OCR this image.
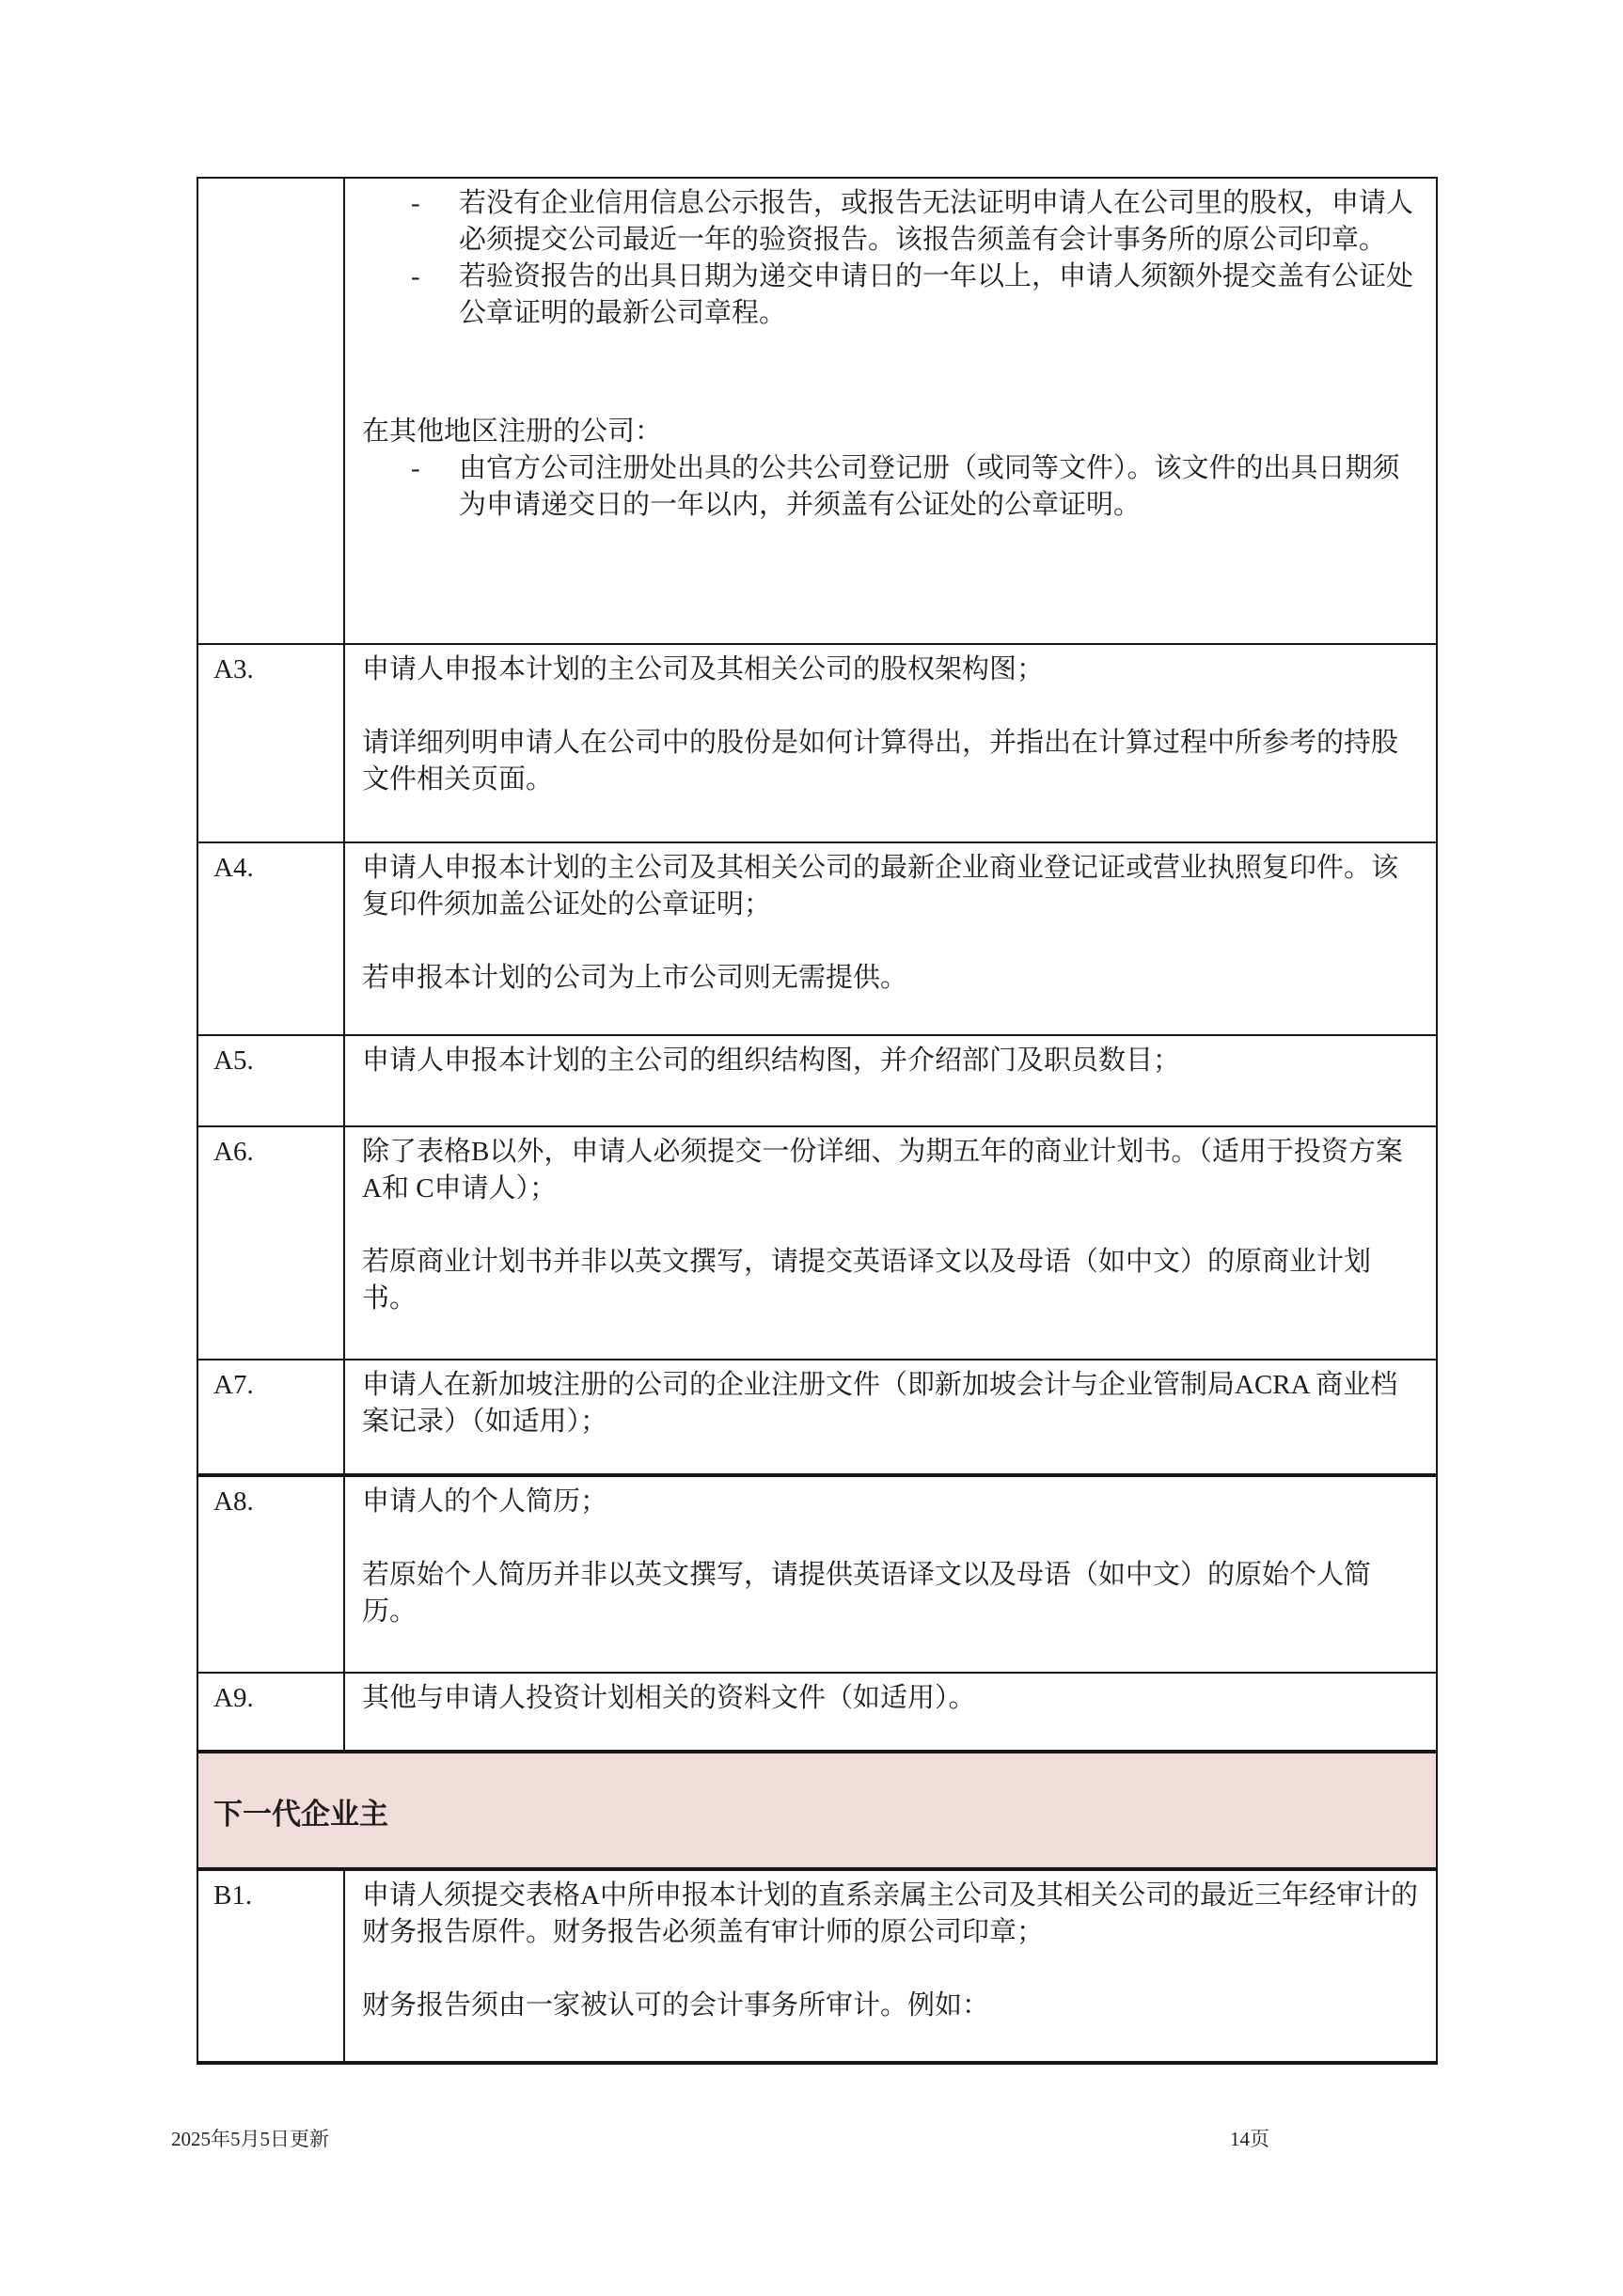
- 若没有企业信用信息公示报告，或报告无法证明申请人在公司里的股权，申请人必须提交公司最近一年的验资报告。该报告须盖有会计事务所的原公司印章。
- 若验资报告的出具日期为递交申请日的一年以上，申请人须额外提交盖有公证处公章证明的最新公司章程。

在其他地区注册的公司：

- 由官方公司注册处出具的公共公司登记册（或同等文件）。该文件的出具日期须为申请递交日的一年以内，并须盖有公证处的公章证明。

A3.	申请人申报本计划的主公司及其相关公司的股权架构图；

请详细列明申请人在公司中的股份是如何计算得出，并指出在计算过程中所参考的持股文件相关页面。

A4.	申请人申报本计划的主公司及其相关公司的最新企业商业登记证或营业执照复印件。该复印件须加盖公证处的公章证明；

若申报本计划的公司为上市公司则无需提供。

A5.	申请人申报本计划的主公司的组织结构图，并介绍部门及职员数目；

A6.	除了表格B以外，申请人必须提交一份详细、为期五年的商业计划书。（适用于投资方案A和 C申请人）；

若原商业计划书并非以英文撰写，请提交英语译文以及母语（如中文）的原商业计划书。

A7.	申请人在新加坡注册的公司的企业注册文件（即新加坡会计与企业管制局ACRA 商业档案记录）（如适用）；

A8.	申请人的个人简历；

若原始个人简历并非以英文撰写，请提供英语译文以及母语（如中文）的原始个人简历。

A9.	其他与申请人投资计划相关的资料文件（如适用）。

下一代企业主	
B1.	申请人须提交表格A中所申报本计划的直系亲属主公司及其相关公司的最近三年经审计的财务报告原件。财务报告必须盖有审计师的原公司印章；

财务报告须由一家被认可的会计事务所审计。例如：

2025年5月5日更新	14页
